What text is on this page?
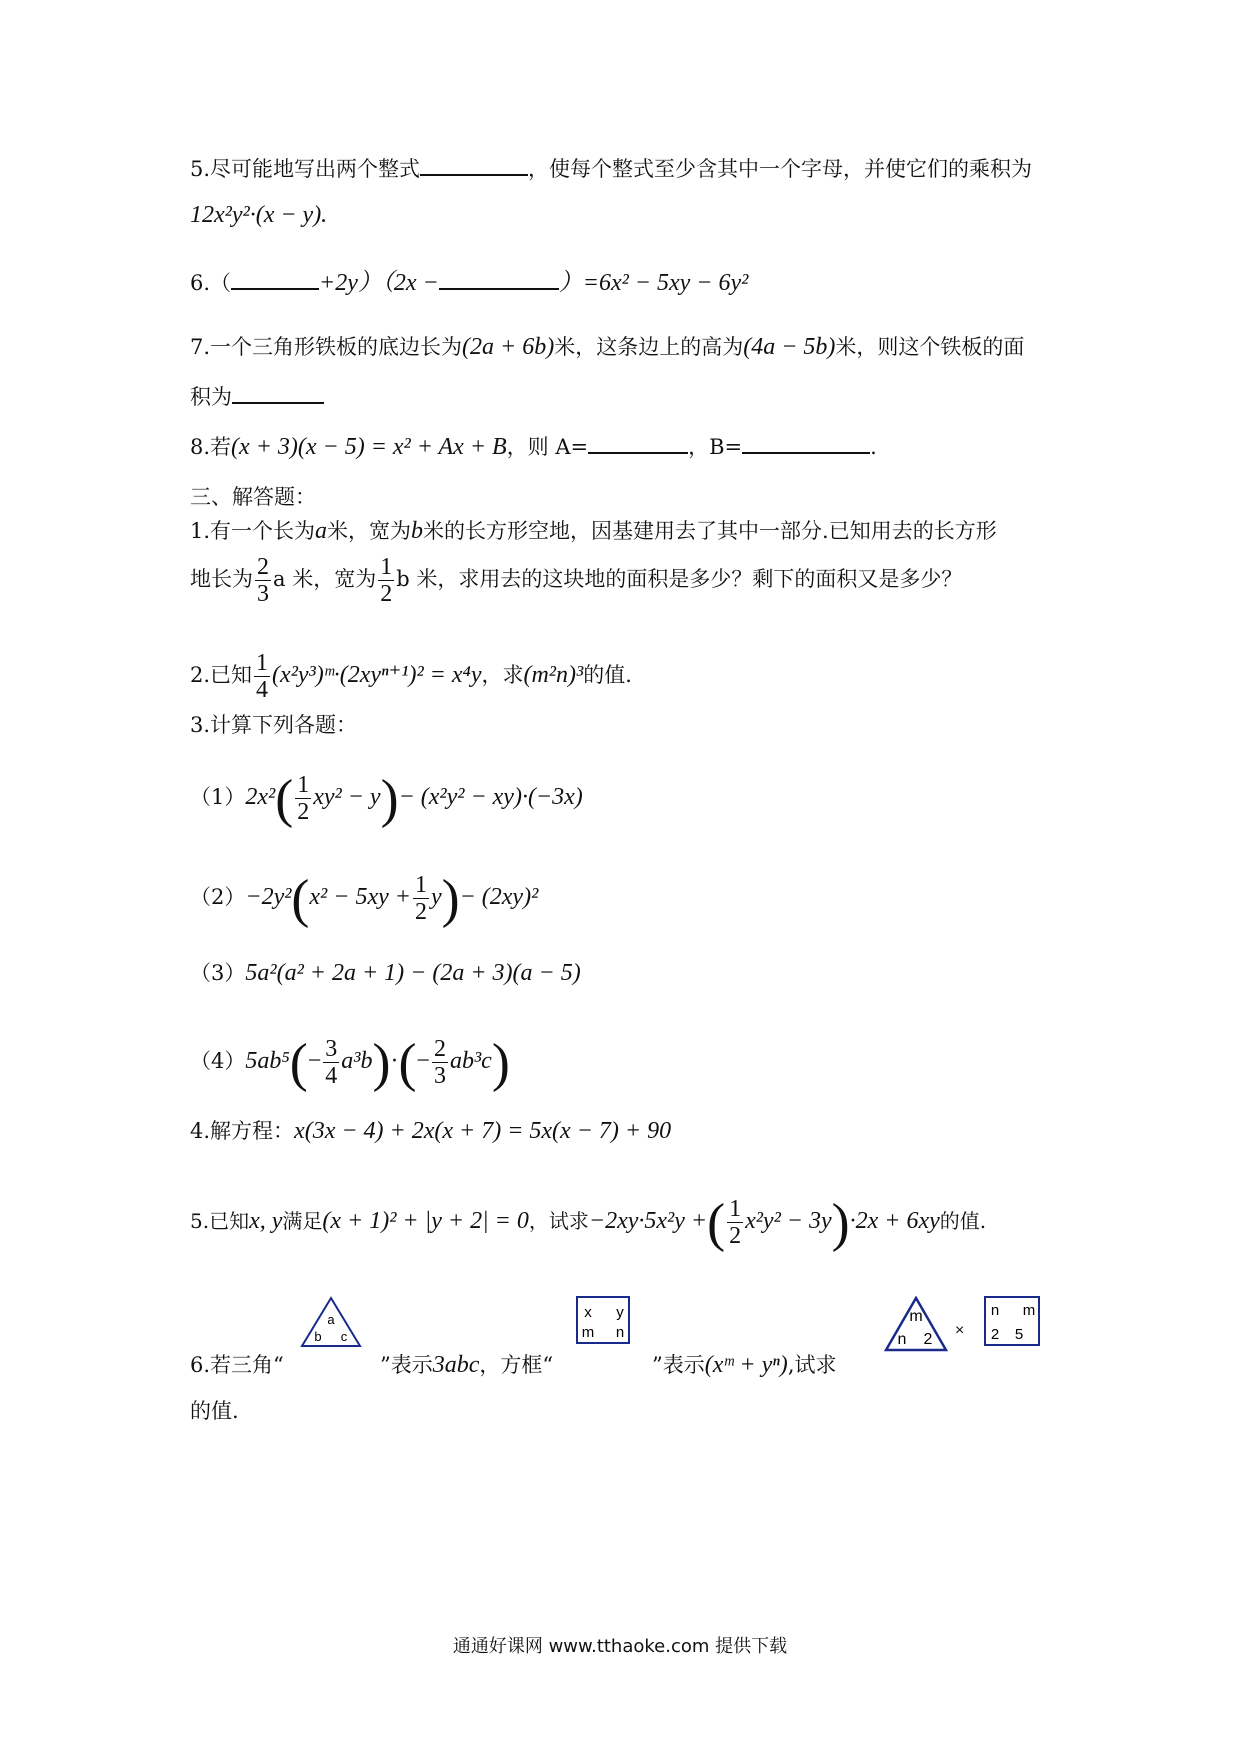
5.尽可能地写出两个整式	，使每个整式至少含其中一个字母，并使它们的乘积为
12x²y²·(x − y).
6.（	+2y）（2x −	）=6x² − 5xy − 6y²
7.一个三角形铁板的底边长为(2a + 6b)米，这条边上的高为(4a − 5b)米，则这个铁板的面
积为
8.若(x + 3)(x − 5) = x² + Ax + B，则 A=	，B=	.
三、解答题：
1.有一个长为a米，宽为b米的长方形空地，因基建用去了其中一部分.已知用去的长方形
地长为 $\frac{2}{3}$ a 米，宽为 $\frac{1}{2}$ b 米，求用去的这块地的面积是多少？剩下的面积又是多少？
2.已知 $\frac{1}{4}$ (x²y³)ᵐ·(2xyⁿ⁺¹)² = x⁴y，求(m²n)³的值.
3.计算下列各题：
$(1)2x^2( \frac{1}{2} xy^2 - y)- (x^2y^2 - xy)\cdot(-3x)$
$(2)-2y^2(x^2 - 5xy + \frac{1}{2} y)- (2xy)^2$
（3）5a²(a² + 2a + 1) − (2a + 3)(a − 5)
$(4)5ab^5(- \frac{3}{4} a^3b)\cdot(- \frac{2}{3} ab^3c)$
4.解方程：x(3x − 4) + 2x(x + 7) = 5x(x − 7) + 90
5.已知x, y满足(x + 1)² + |y + 2| = 0，试求−2xy·5x²y +( $\frac{1}{2} x^2y^2 - 3y)\cdot 2x + 6xy$的值.
6.若三角“	”表示3abc，方框“	”表示(xᵐ + yⁿ),试求
的值.
a
b c
x y
m n
m
n 2
×
n m
2 5
通通好课网 www.tthaoke.com 提供下载
